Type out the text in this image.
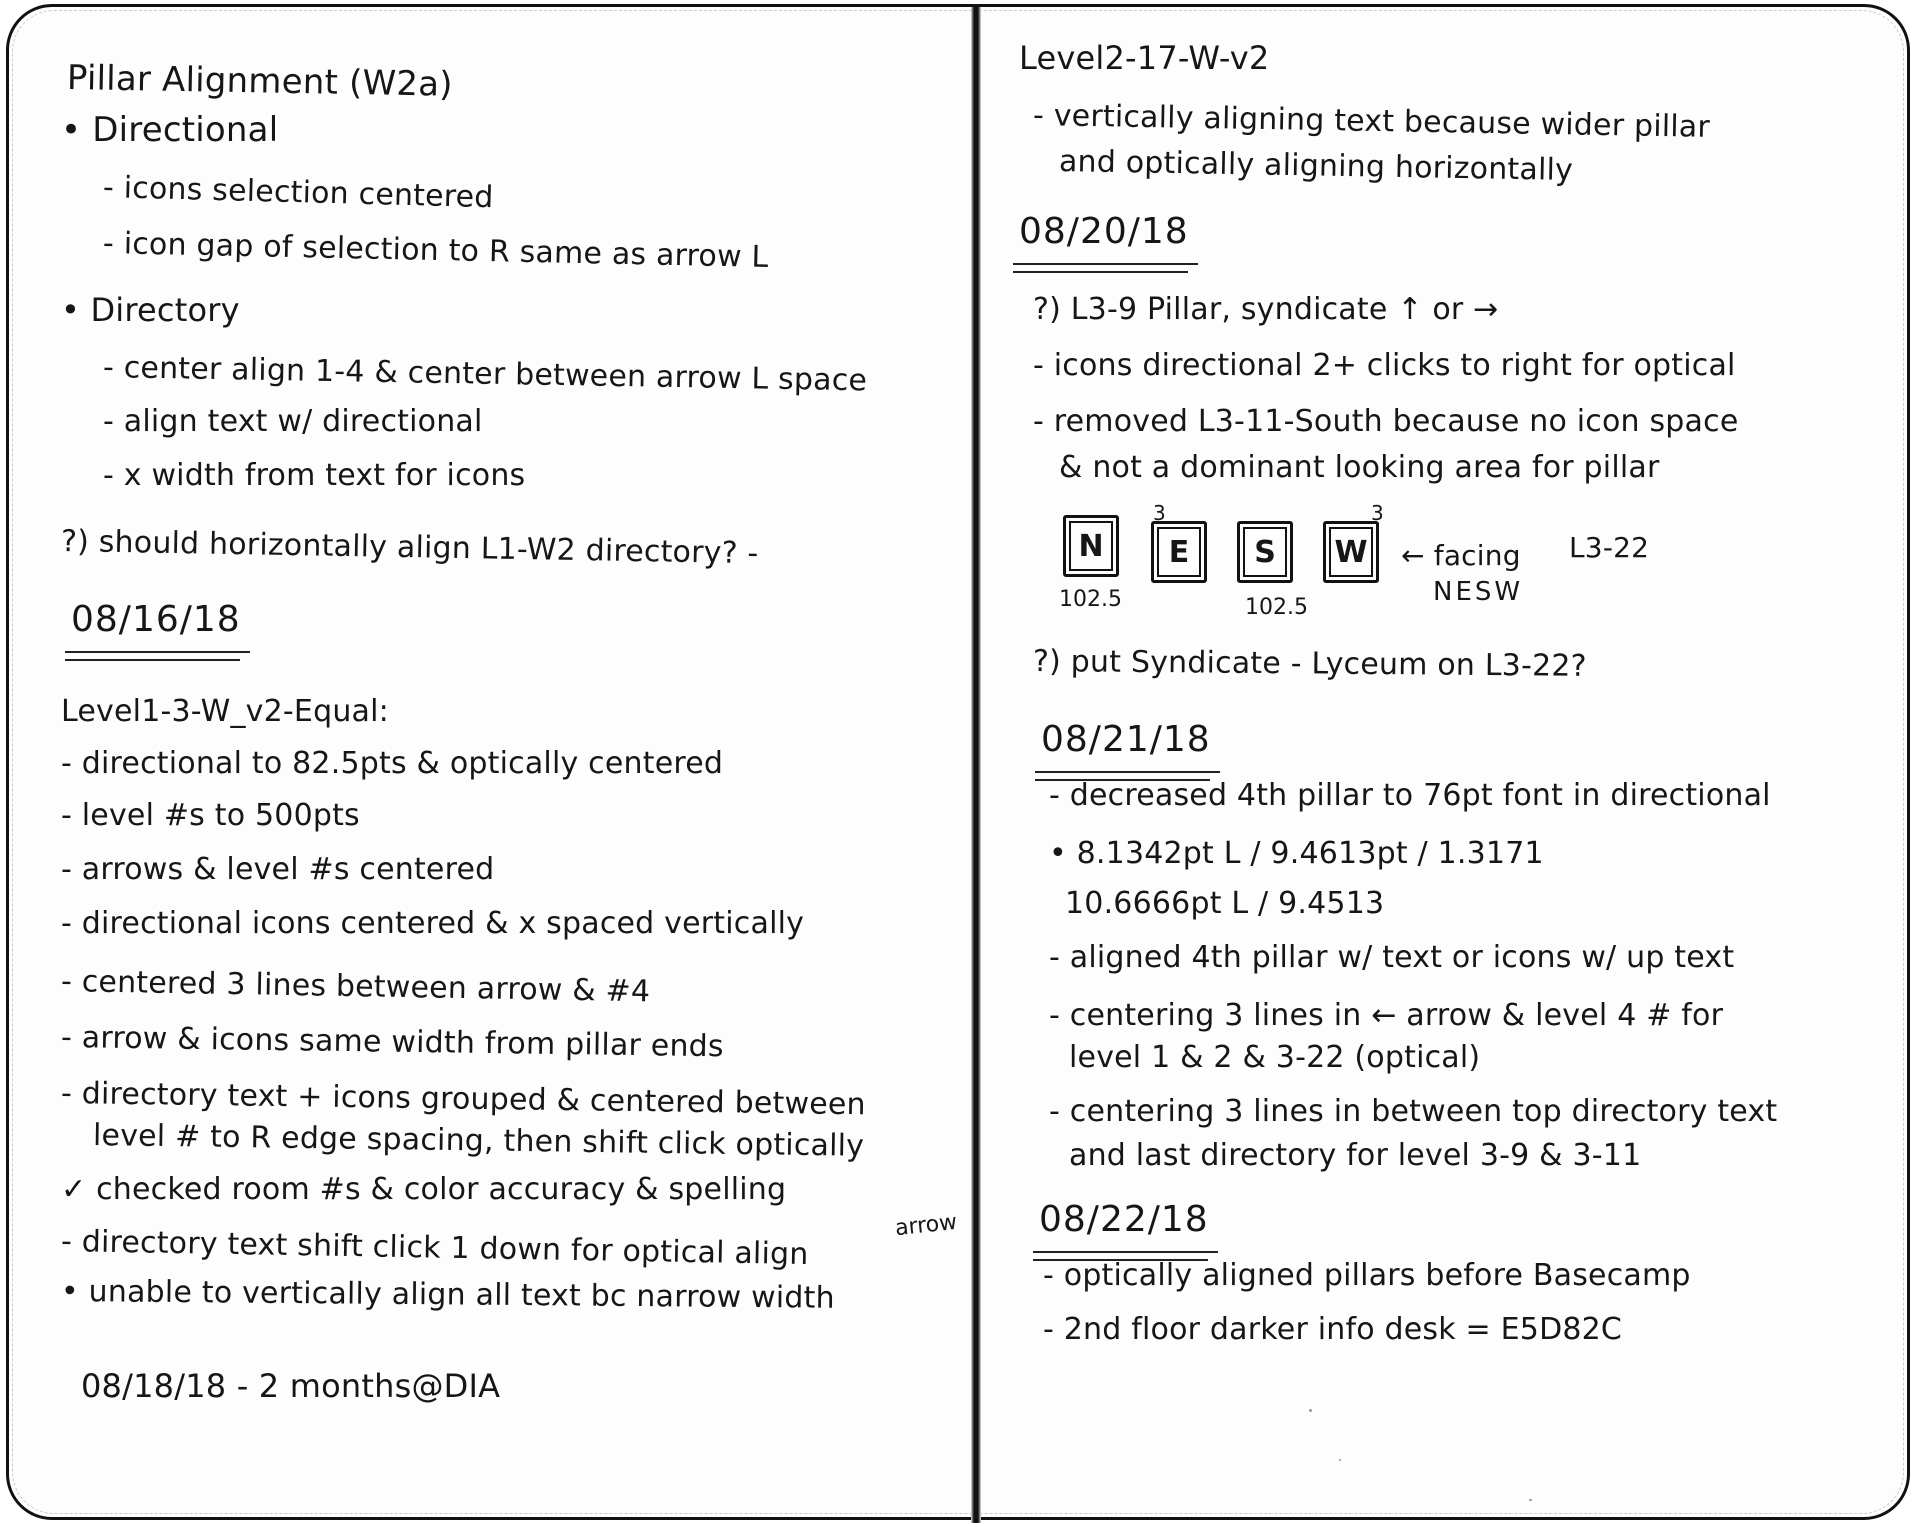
Pillar Alignment (W2a)
• Directional
- icons selection centered
- icon gap of selection to R same as arrow L
• Directory
- center align 1-4 & center between arrow L space
- align text w/ directional
- x width from text for icons
?) should horizontally align L1-W2 directory? -
08/16/18
Level1-3-W_v2-Equal:
- directional to 82.5pts & optically centered
- level #s to 500pts
- arrows & level #s centered
- directional icons centered & x spaced vertically
- centered 3 lines between arrow & #4
- arrow & icons same width from pillar ends
- directory text + icons grouped & centered between
level # to R edge spacing, then shift click optically
✓ checked room #s & color accuracy & spelling
arrow
- directory text shift click 1 down for optical align
• unable to vertically align all text bc narrow width
08/18/18 - 2 months@DIA
Level2-17-W-v2
- vertically aligning text because wider pillar
and optically aligning horizontally
08/20/18
?) L3-9 Pillar, syndicate ↑ or →
- icons directional 2+ clicks to right for optical
- removed L3-11-South because no icon space
& not a dominant looking area for pillar
N
3
E	S
3
W
102.5	102.5
← facing
NESW
L3-22
?) put Syndicate - Lyceum on L3-22?
08/21/18
- decreased 4th pillar to 76pt font in directional
• 8.1342pt L / 9.4613pt / 1.3171
10.6666pt L / 9.4513
- aligned 4th pillar w/ text or icons w/ up text
- centering 3 lines in ← arrow & level 4 # for
level 1 & 2 & 3-22 (optical)
- centering 3 lines in between top directory text
and last directory for level 3-9 & 3-11
08/22/18
- optically aligned pillars before Basecamp
- 2nd floor darker info desk = E5D82C
